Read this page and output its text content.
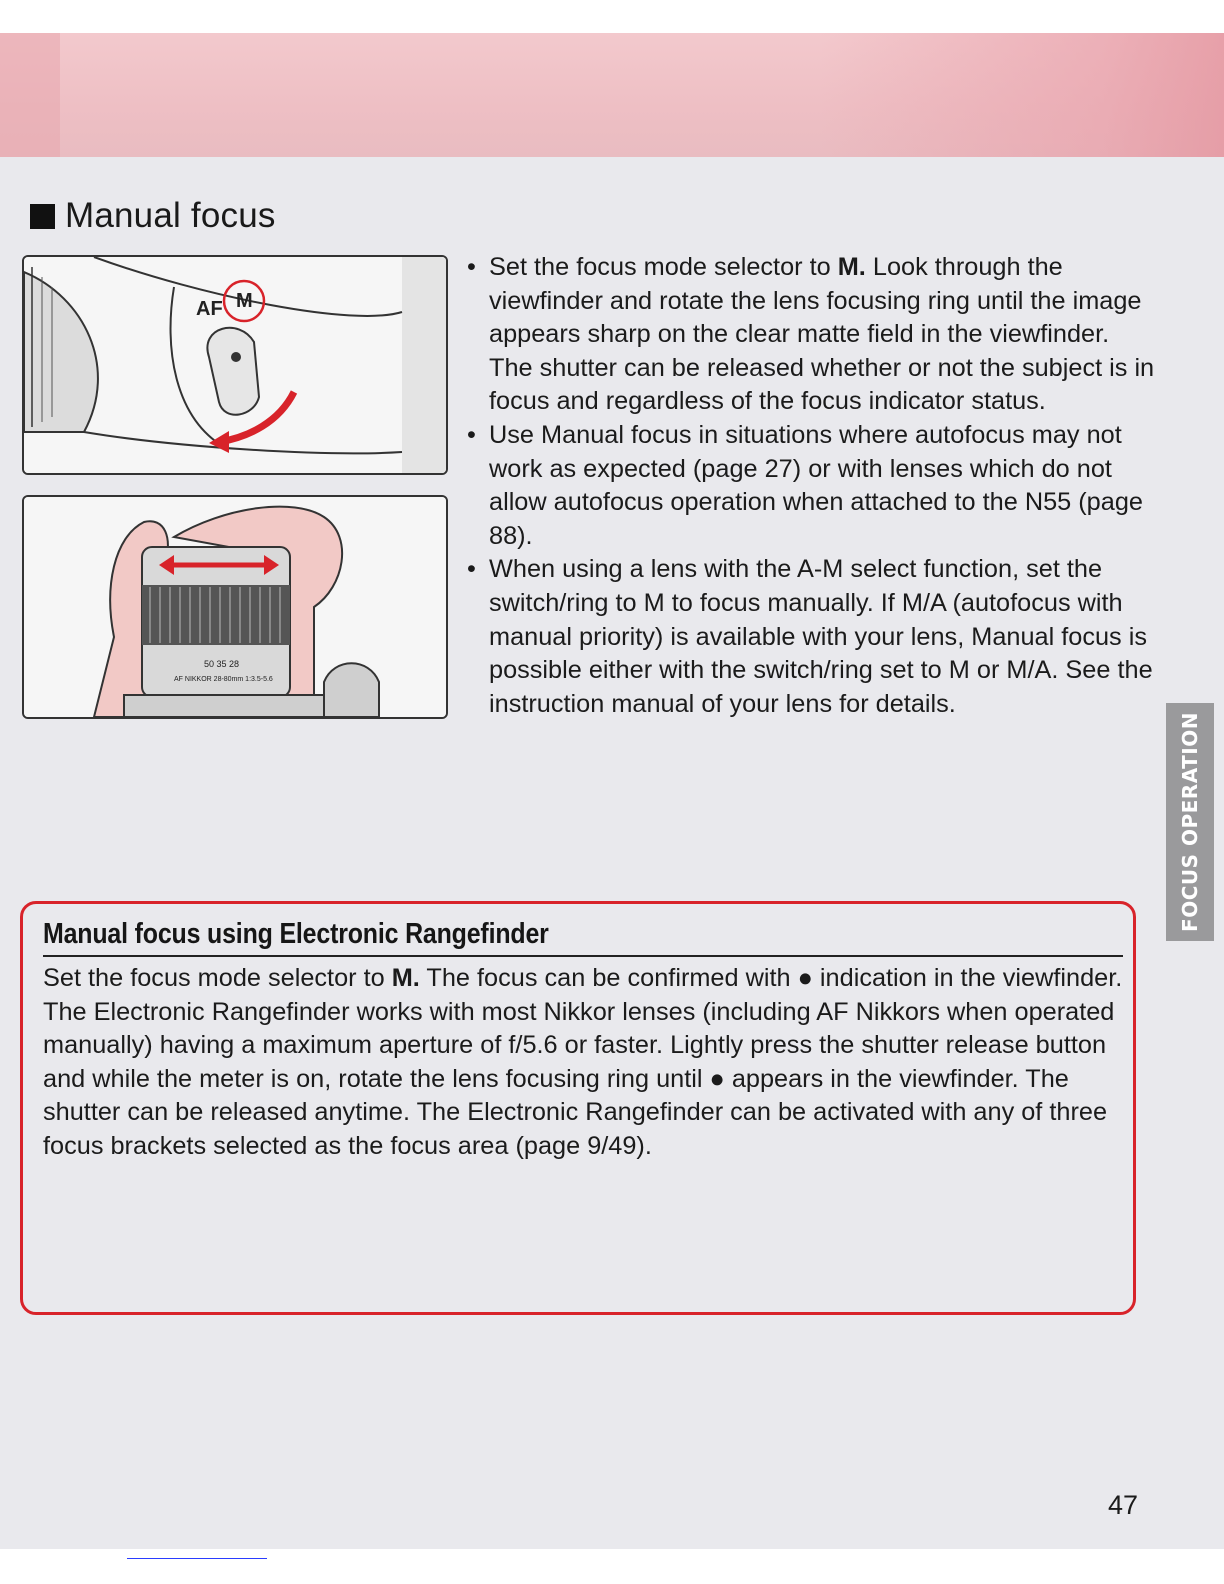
Manual focus
AF M
50 35 28
AF NIKKOR 28-80mm 1:3.5-5.6
• Set the focus mode selector to M. Look through the viewfinder and rotate the lens focusing ring until the image appears sharp on the clear matte field in the viewfinder. The shutter can be released whether or not the subject is in focus and regardless of the focus indicator status.
• Use Manual focus in situations where autofocus may not work as expected (page 27) or with lenses which do not allow autofocus operation when attached to the N55 (page 88).
• When using a lens with the A-M select function, set the switch/ring to M to focus manually. If M/A (autofocus with manual priority) is available with your lens, Manual focus is possible either with the switch/ring set to M or M/A. See the instruction manual of your lens for details.
FOCUS OPERATION
Manual focus using Electronic Rangefinder

Set the focus mode selector to M. The focus can be confirmed with ● indication in the viewfinder. The Electronic Rangefinder works with most Nikkor lenses (including AF Nikkors when operated manually) having a maximum aperture of f/5.6 or faster. Lightly press the shutter release button and while the meter is on, rotate the lens focusing ring until ● appears in the viewfinder. The shutter can be released anytime. The Electronic Rangefinder can be activated with any of three focus brackets selected as the focus area (page 9/49).

47
